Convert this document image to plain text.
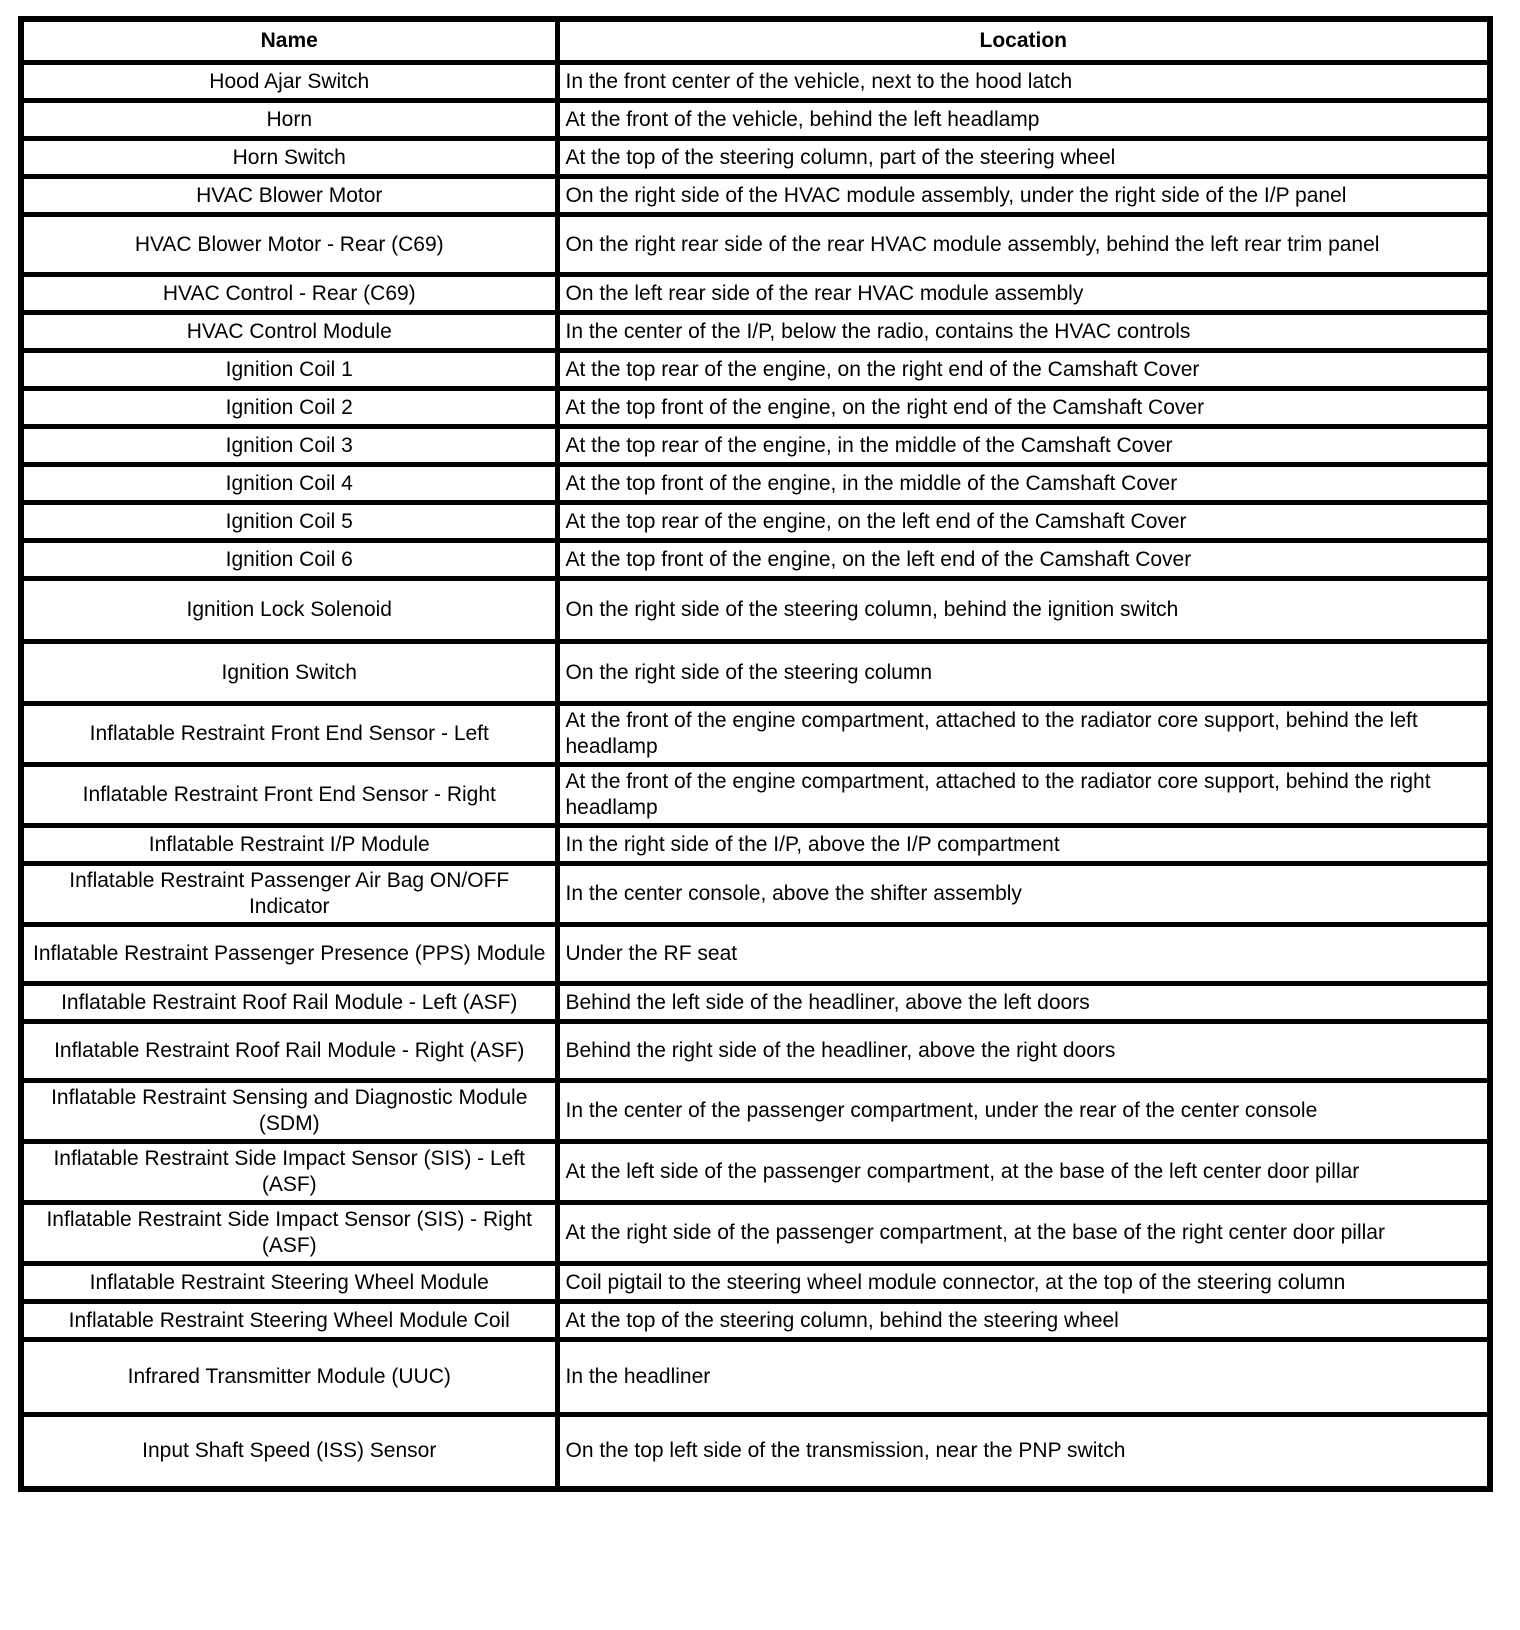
Name	Location
Hood Ajar Switch	In the front center of the vehicle, next to the hood latch
Horn	At the front of the vehicle, behind the left headlamp
Horn Switch	At the top of the steering column, part of the steering wheel
HVAC Blower Motor	On the right side of the HVAC module assembly, under the right side of the I/P panel
HVAC Blower Motor - Rear (C69)	On the right rear side of the rear HVAC module assembly, behind the left rear trim panel
HVAC Control - Rear (C69)	On the left rear side of the rear HVAC module assembly
HVAC Control Module	In the center of the I/P, below the radio, contains the HVAC controls
Ignition Coil 1	At the top rear of the engine, on the right end of the Camshaft Cover
Ignition Coil 2	At the top front of the engine, on the right end of the Camshaft Cover
Ignition Coil 3	At the top rear of the engine, in the middle of the Camshaft Cover
Ignition Coil 4	At the top front of the engine, in the middle of the Camshaft Cover
Ignition Coil 5	At the top rear of the engine, on the left end of the Camshaft Cover
Ignition Coil 6	At the top front of the engine, on the left end of the Camshaft Cover
Ignition Lock Solenoid	On the right side of the steering column, behind the ignition switch
Ignition Switch	On the right side of the steering column
Inflatable Restraint Front End Sensor - Left	At the front of the engine compartment, attached to the radiator core support, behind the left headlamp
Inflatable Restraint Front End Sensor - Right	At the front of the engine compartment, attached to the radiator core support, behind the right headlamp
Inflatable Restraint I/P Module	In the right side of the I/P, above the I/P compartment
Inflatable Restraint Passenger Air Bag ON/OFF Indicator	In the center console, above the shifter assembly
Inflatable Restraint Passenger Presence (PPS) Module	Under the RF seat
Inflatable Restraint Roof Rail Module - Left (ASF)	Behind the left side of the headliner, above the left doors
Inflatable Restraint Roof Rail Module - Right (ASF)	Behind the right side of the headliner, above the right doors
Inflatable Restraint Sensing and Diagnostic Module (SDM)	In the center of the passenger compartment, under the rear of the center console
Inflatable Restraint Side Impact Sensor (SIS) - Left (ASF)	At the left side of the passenger compartment, at the base of the left center door pillar
Inflatable Restraint Side Impact Sensor (SIS) - Right (ASF)	At the right side of the passenger compartment, at the base of the right center door pillar
Inflatable Restraint Steering Wheel Module	Coil pigtail to the steering wheel module connector, at the top of the steering column
Inflatable Restraint Steering Wheel Module Coil	At the top of the steering column, behind the steering wheel
Infrared Transmitter Module (UUC)	In the headliner
Input Shaft Speed (ISS) Sensor	On the top left side of the transmission, near the PNP switch
